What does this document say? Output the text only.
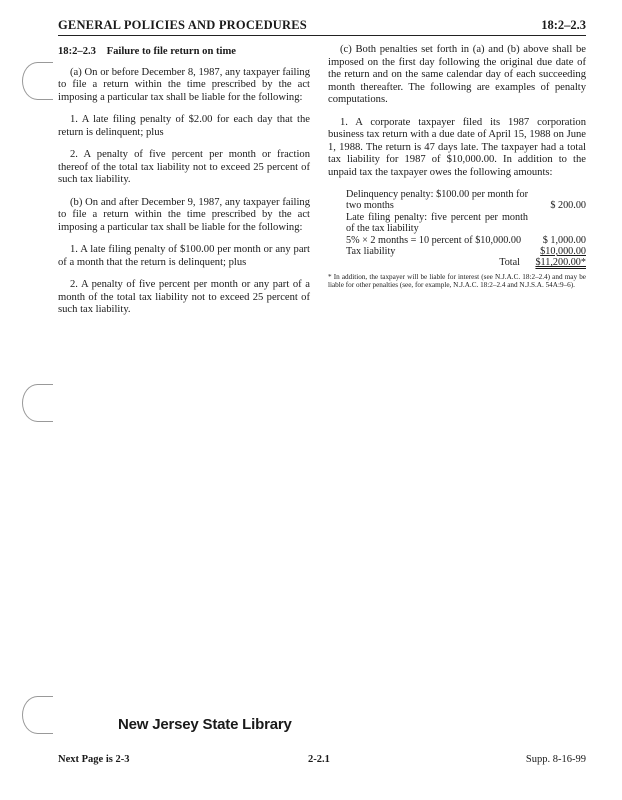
GENERAL POLICIES AND PROCEDURES	18:2–2.3
18:2–2.3 Failure to file return on time

(a) On or before December 8, 1987, any taxpayer failing to file a return within the time prescribed by the act imposing a particular tax shall be liable for the following:

1. A late filing penalty of $2.00 for each day that the return is delinquent; plus

2. A penalty of five percent per month or fraction thereof of the total tax liability not to exceed 25 percent of such tax liability.

(b) On and after December 9, 1987, any taxpayer failing to file a return within the time prescribed by the act imposing a particular tax shall be liable for the following:

1. A late filing penalty of $100.00 per month or any part of a month that the return is delinquent; plus

2. A penalty of five percent per month or any part of a month of the total tax liability not to exceed 25 percent of such tax liability.

(c) Both penalties set forth in (a) and (b) above shall be imposed on the first day following the original due date of the return and on the same calendar day of each succeeding month thereafter. The following are examples of penalty computations.

1. A corporate taxpayer filed its 1987 corporation business tax return with a due date of April 15, 1988 on June 1, 1988. The return is 47 days late. The taxpayer had a total tax liability for 1987 of $10,000.00. In addition to the unpaid tax the taxpayer owes the following amounts:

Delinquency penalty: $100.00 per month for two months	$ 200.00
Late filing penalty: five percent per month of the tax liability
5% × 2 months = 10 percent of $10,000.00	$ 1,000.00
Tax liability	$10,000.00
Total	$11,200.00*
* In addition, the taxpayer will be liable for interest (see N.J.A.C. 18:2–2.4) and may be liable for other penalties (see, for example, N.J.A.C. 18:2–2.4 and N.J.S.A. 54A:9–6).
New Jersey State Library
Next Page is 2-3	2-2.1	Supp. 8-16-99
